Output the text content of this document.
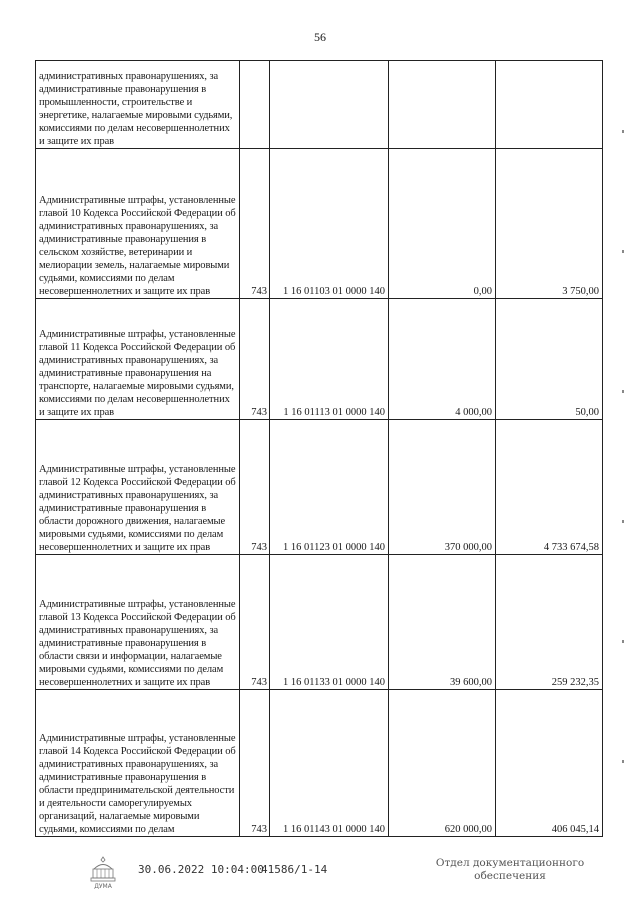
56
административных правонарушениях, за административные правонарушения в промышленности, строительстве и энергетике, налагаемые мировыми судьями, комиссиями по делам несовершеннолетних и защите их прав				
Административные штрафы, установленные главой 10 Кодекса Российской Федерации об административных правонарушениях, за административные правонарушения в сельском хозяйстве, ветеринарии и мелиорации земель, налагаемые мировыми судьями, комиссиями по делам несовершеннолетних и защите их прав	743	1 16 01103 01 0000 140	0,00	3 750,00
Административные штрафы, установленные главой 11 Кодекса Российской Федерации об административных правонарушениях, за административные правонарушения на транспорте, налагаемые мировыми судьями, комиссиями по делам несовершеннолетних и защите их прав	743	1 16 01113 01 0000 140	4 000,00	50,00
Административные штрафы, установленные главой 12 Кодекса Российской Федерации об административных правонарушениях, за административные правонарушения в области дорожного движения, налагаемые мировыми судьями, комиссиями по делам несовершеннолетних и защите их прав	743	1 16 01123 01 0000 140	370 000,00	4 733 674,58
Административные штрафы, установленные главой 13 Кодекса Российской Федерации об административных правонарушениях, за административные правонарушения в области связи и информации, налагаемые мировыми судьями, комиссиями по делам несовершеннолетних и защите их прав	743	1 16 01133 01 0000 140	39 600,00	259 232,35
Административные штрафы, установленные главой 14 Кодекса Российской Федерации об административных правонарушениях, за административные правонарушения в области предпринимательской деятельности и деятельности саморегулируемых организаций, налагаемые мировыми судьями, комиссиями по делам	743	1 16 01143 01 0000 140	620 000,00	406 045,14
ДУМА
30.06.2022 10:04:00
41586/1-14	Отдел документационного обеспечения
